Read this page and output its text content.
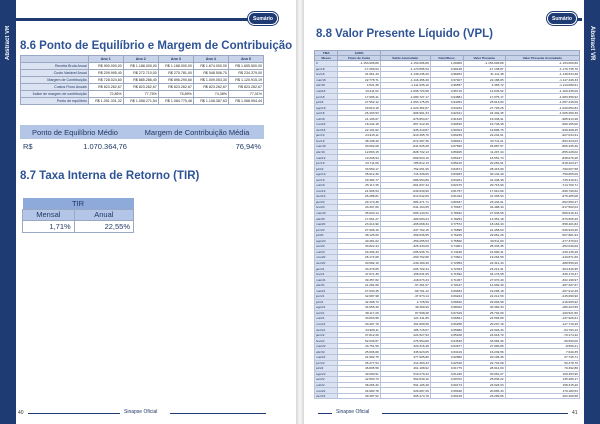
Abstract VR
Sumário
8.6 Ponto de Equilíbrio e Margem de Contribuição
	Ano 1	Ano 2	Ano 3	Ano 4	Ano 5
Receita Bruta Anual	R$ 900.000,00	R$ 1.188.000,00	R$ 1.188.000,00	R$ 1.674.000,00	R$ 1.655.500,00
Custo Variável Anual	R$ 209.995,40	R$ 272.710,00	R$ 275.781,00	R$ 548.506,70	R$ 234.379,00
Margem de Contribuição	R$ 728.024,60	R$ 885.286,40	R$ 896.290,60	R$ 1.009.053,30	R$ 1.120.915,19
Custos Fixos Anuais	R$ 823.262,67	R$ 823.262,67	R$ 823.262,67	R$ 823.262,67	R$ 823.262,67
Índice de margem de contribuição	72,86%	77,75%	75,89%	74,38%	77,01%
Ponto de equilíbrio	R$ 1.051.331,32	R$ 1.058.271,54	R$ 1.084.775,48	R$ 1.108.387,63	R$ 1.068.954,44
Ponto de Equilíbrio Médio	Margem de Contribuição Média
R$ 1.070.364,76	76,94%
8.7 Taxa Interna de Retorno (TIR)
TIR	
Mensal	Anual
1,71%	22,55%
40	Sinapse Oficial
Abstract VR
Sumário
8.8 Valor Presente Líquido (VPL)
TMA	0,88%				
Meses	Fluxo de Caixa	Saldo Acumulado	Fator/Desc.	Valor Presente	Valor Presente Acumulado
0	-1.153.606,89	-1.153.606,89	1,00000	-1.153.606,89	-1.153.606,89
jan/18	-17.289,64	-1.170.896,53	0,99128	-17.138,87	-1.170.745,76
fev/18	31.661,33	-1.139.235,20	0,98263	31.111,38	-1.139.634,38
mar/18	22.778,71	-1.116.456,49	0,97407	22.188,05	-1.117.446,33
abr/18	4.521,39	-1.111.935,10	0,96557	4.365,72	-1.113.080,61
mai/18	13.211,52	-1.098.723,58	0,95716	12.645,52	-1.100.435,09
jun/18	17.996,41	-1.080.727,17	0,94881	17.075,17	-1.083.359,92
jul/18	27.552,12	-1.053.175,05	0,94054	25.913,83	-1.057.446,09
ago/18	29.810,18	-1.023.364,87	0,93234	27.793,25	-1.029.652,84
set/18	26.403,53	-996.961,34	0,92421	24.402,45	-1.005.250,39
out/18	21.106,67	-975.854,67	0,91615	19.336,91	-985.913,48
nov/18	18.442,18	-957.412,49	0,90816	16.748,48	-969.165,00
dez/18	22.101,62	-935.310,87	0,90024	19.896,75	-949.268,25
jan/19	24.915,11	-910.395,76	0,89239	22.234,01	-927.034,24
fev/19	38.108,40	-872.287,36	0,88461	33.711,21	-893.323,03
mar/19	30.662,08	-841.625,28	0,87690	26.887,57	-866.435,46
abr/19	12.893,15	-828.732,13	0,86925	11.207,44	-855.228,02
mai/19	19.208,94	-809.523,19	0,86167	16.551,74	-838.676,28
jun/19	23.711,06	-785.812,13	0,85416	20.253,01	-818.423,27
jul/19	33.560,17	-752.251,96	0,84671	28.415,69	-790.007,58
ago/19	35.912,30	-716.339,66	0,83933	30.142,49	-759.865,09
set/19	29.384,77	-686.954,89	0,83201	24.448,48	-735.416,61
out/19	25.117,45	-661.837,44	0,82476	20.715,90	-714.700,71
nov/19	21.906,54	-639.930,90	0,81757	17.910,09	-696.790,62
dez/19	26.288,81	-613.642,09	0,81044	21.305,54	-675.485,08
jan/20	29.170,38	-584.471,71	0,80337	23.434,61	-652.050,47
fev/20	43.307,06	-541.164,65	0,79637	34.488,44	-617.562,03
mar/20	35.020,14	-506.144,51	0,78942	27.645,59	-589.916,44
abr/20	17.061,27	-489.083,24	0,78254	13.351,18	-576.565,26
mai/20	23.414,90	-465.668,34	0,77572	18.163,43	-558.401,83
jun/20	27.906,19	-437.762,15	0,76895	21.458,63	-536.943,20
jul/20	38.125,60	-399.636,55	0,76225	29.061,26	-507.881,94
ago/20	40.381,02	-359.255,53	0,75560	30.511,90	-477.370,04
set/20	33.822,44	-325.433,09	0,74901	25.333,35	-452.036,69
out/20	29.496,33	-295.936,76	0,74248	21.900,41	-430.136,28
nov/20	26.174,08	-269.762,68	0,73601	19.264,59	-410.871,69
dez/20	30.582,19	-239.180,49	0,72959	22.312,43	-388.559,26
jan/21	33.478,05	-205.702,44	0,72323	24.212,31	-364.346,95
fev/21	47.671,39	-158.031,05	0,71692	34.176,58	-330.170,37
mar/21	39.357,82	-118.673,23	0,71067	27.970,40	-302.199,97
abr/21	21.281,66	-97.391,57	0,70447	14.992,30	-287.207,67
mai/21	27.630,45	-69.761,12	0,69833	19.295,18	-267.912,49
jun/21	32.087,98	-37.673,14	0,69224	22.212,59	-245.699,90
jul/21	42.398,73	4.725,59	0,68620	29.093,98	-216.605,92
ago/21	44.665,40	49.390,99	0,68022	30.382,33	-186.223,59
set/21	38.117,29	87.508,28	0,67429	25.702,09	-160.521,50
out/21	33.803,58	121.311,86	0,66841	22.594,89	-137.926,61
nov/21	30.497,70	151.809,56	0,66258	20.207,16	-117.719,45
dez/21	34.906,11	186.715,67	0,65680	22.926,33	-94.793,12
jan/22	37.812,26	224.527,93	0,65108	24.618,70	-70.174,42
fev/22	52.036,87	276.564,80	0,64540	33.584,36	-36.590,06
mar/22	43.751,56	320.316,36	0,63977	27.990,85	-8.599,21
abr/22	25.606,69	345.923,05	0,63419	16.239,56	7.640,35
mai/22	31.982,75	377.905,80	0,62866	20.106,36	27.746,71
jun/22	36.477,54	414.383,34	0,62318	22.732,08	50.478,79
jul/22	46.805,58	461.188,92	0,61775	28.914,09	79.392,88
ago/22	49.090,51	510.279,43	0,61236	30.061,07	109.453,95
set/22	42.560,73	552.840,16	0,60702	25.835,22	135.289,17
out/22	38.266,32	591.106,48	0,60173	23.026,03	158.315,20
nov/22	34.980,78	626.087,26	0,59648	20.865,33	179.180,53
dez/22	39.387,52	665.474,78	0,59128	23.289,05	202.469,58
Sinapse Oficial	41
